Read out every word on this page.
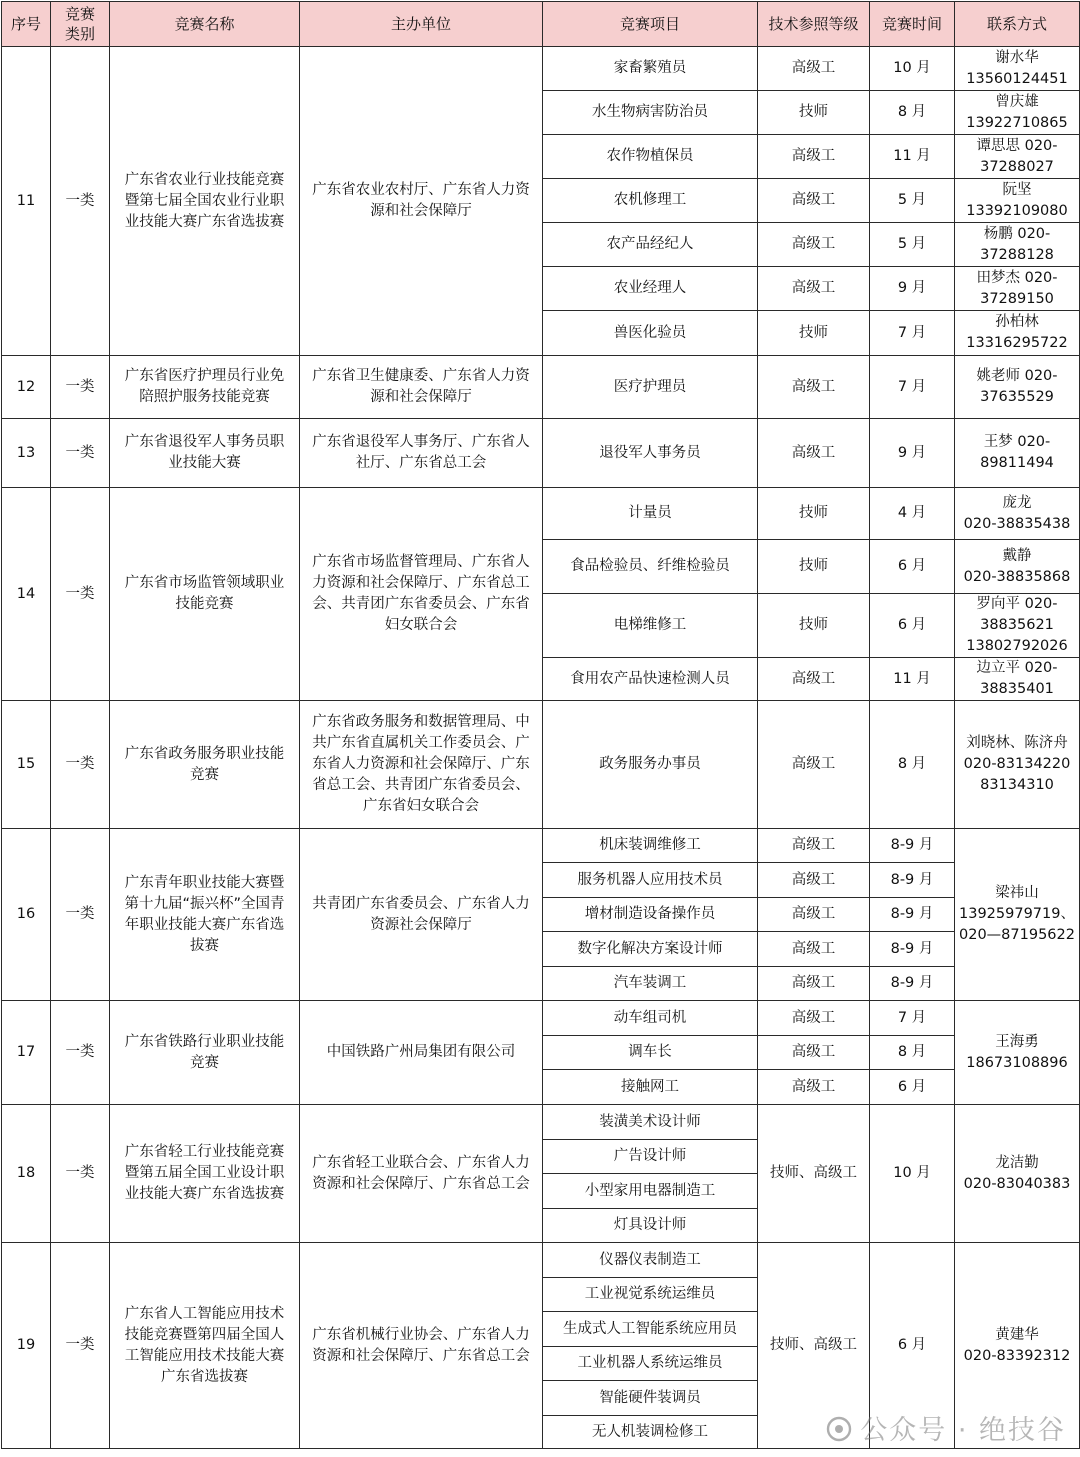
序号	竞赛
类别	竞赛名称	主办单位	竞赛项目	技术参照等级	竞赛时间	联系方式
11	一类	广东省农业行业技能竞赛暨第七届全国农业行业职业技能大赛广东省选拔赛	广东省农业农村厅、广东省人力资源和社会保障厅	家畜繁殖员	高级工	10 月	谢水华
13560124451
				水生物病害防治员	技师	8 月	曾庆雄
13922710865
				农作物植保员	高级工	11 月	谭思思 020-
37288027
				农机修理工	高级工	5 月	阮坚
13392109080
				农产品经纪人	高级工	5 月	杨鹏 020-
37288128
				农业经理人	高级工	9 月	田梦杰 020-
37289150
				兽医化验员	技师	7 月	孙柏林
13316295722
12	一类	广东省医疗护理员行业免陪照护服务技能竞赛	广东省卫生健康委、广东省人力资源和社会保障厅	医疗护理员	高级工	7 月	姚老师 020-
37635529
13	一类	广东省退役军人事务员职业技能大赛	广东省退役军人事务厅、广东省人社厅、广东省总工会	退役军人事务员	高级工	9 月	王梦 020-
89811494
14	一类	广东省市场监管领域职业技能竞赛	广东省市场监督管理局、广东省人力资源和社会保障厅、广东省总工会、共青团广东省委员会、广东省妇女联合会	计量员	技师	4 月	庞龙
020-38835438
				食品检验员、纤维检验员	技师	6 月	戴静
020-38835868
				电梯维修工	技师	6 月	罗向平 020-
38835621
13802792026
				食用农产品快速检测人员	高级工	11 月	边立平 020-
38835401
15	一类	广东省政务服务职业技能竞赛	广东省政务服务和数据管理局、中共广东省直属机关工作委员会、广东省人力资源和社会保障厅、广东省总工会、共青团广东省委员会、广东省妇女联合会	政务服务办事员	高级工	8 月	刘晓林、陈济舟
020-83134220
83134310
16	一类	广东青年职业技能大赛暨第十九届“振兴杯”全国青年职业技能大赛广东省选拔赛	共青团广东省委员会、广东省人力资源社会保障厅	机床装调维修工	高级工	8-9 月	梁祎山
13925979719、
020—87195622
				服务机器人应用技术员	高级工	8-9 月	
				增材制造设备操作员	高级工	8-9 月	
				数字化解决方案设计师	高级工	8-9 月	
				汽车装调工	高级工	8-9 月	
17	一类	广东省铁路行业职业技能竞赛	中国铁路广州局集团有限公司	动车组司机	高级工	7 月	王海勇
18673108896
				调车长	高级工	8 月	
				接触网工	高级工	6 月	
18	一类	广东省轻工行业技能竞赛暨第五届全国工业设计职业技能大赛广东省选拔赛	广东省轻工业联合会、广东省人力资源和社会保障厅、广东省总工会	装潢美术设计师	技师、高级工	10 月	龙洁勤
020-83040383
				广告设计师			
				小型家用电器制造工			
				灯具设计师			
19	一类	广东省人工智能应用技术技能竞赛暨第四届全国人工智能应用技术技能大赛广东省选拔赛	广东省机械行业协会、广东省人力资源和社会保障厅、广东省总工会	仪器仪表制造工	技师、高级工	6 月	黄建华
020-83392312
				工业视觉系统运维员			
				生成式人工智能系统应用员			
				工业机器人系统运维员			
				智能硬件装调员			
				无人机装调检修工				公众号 · 绝技谷
